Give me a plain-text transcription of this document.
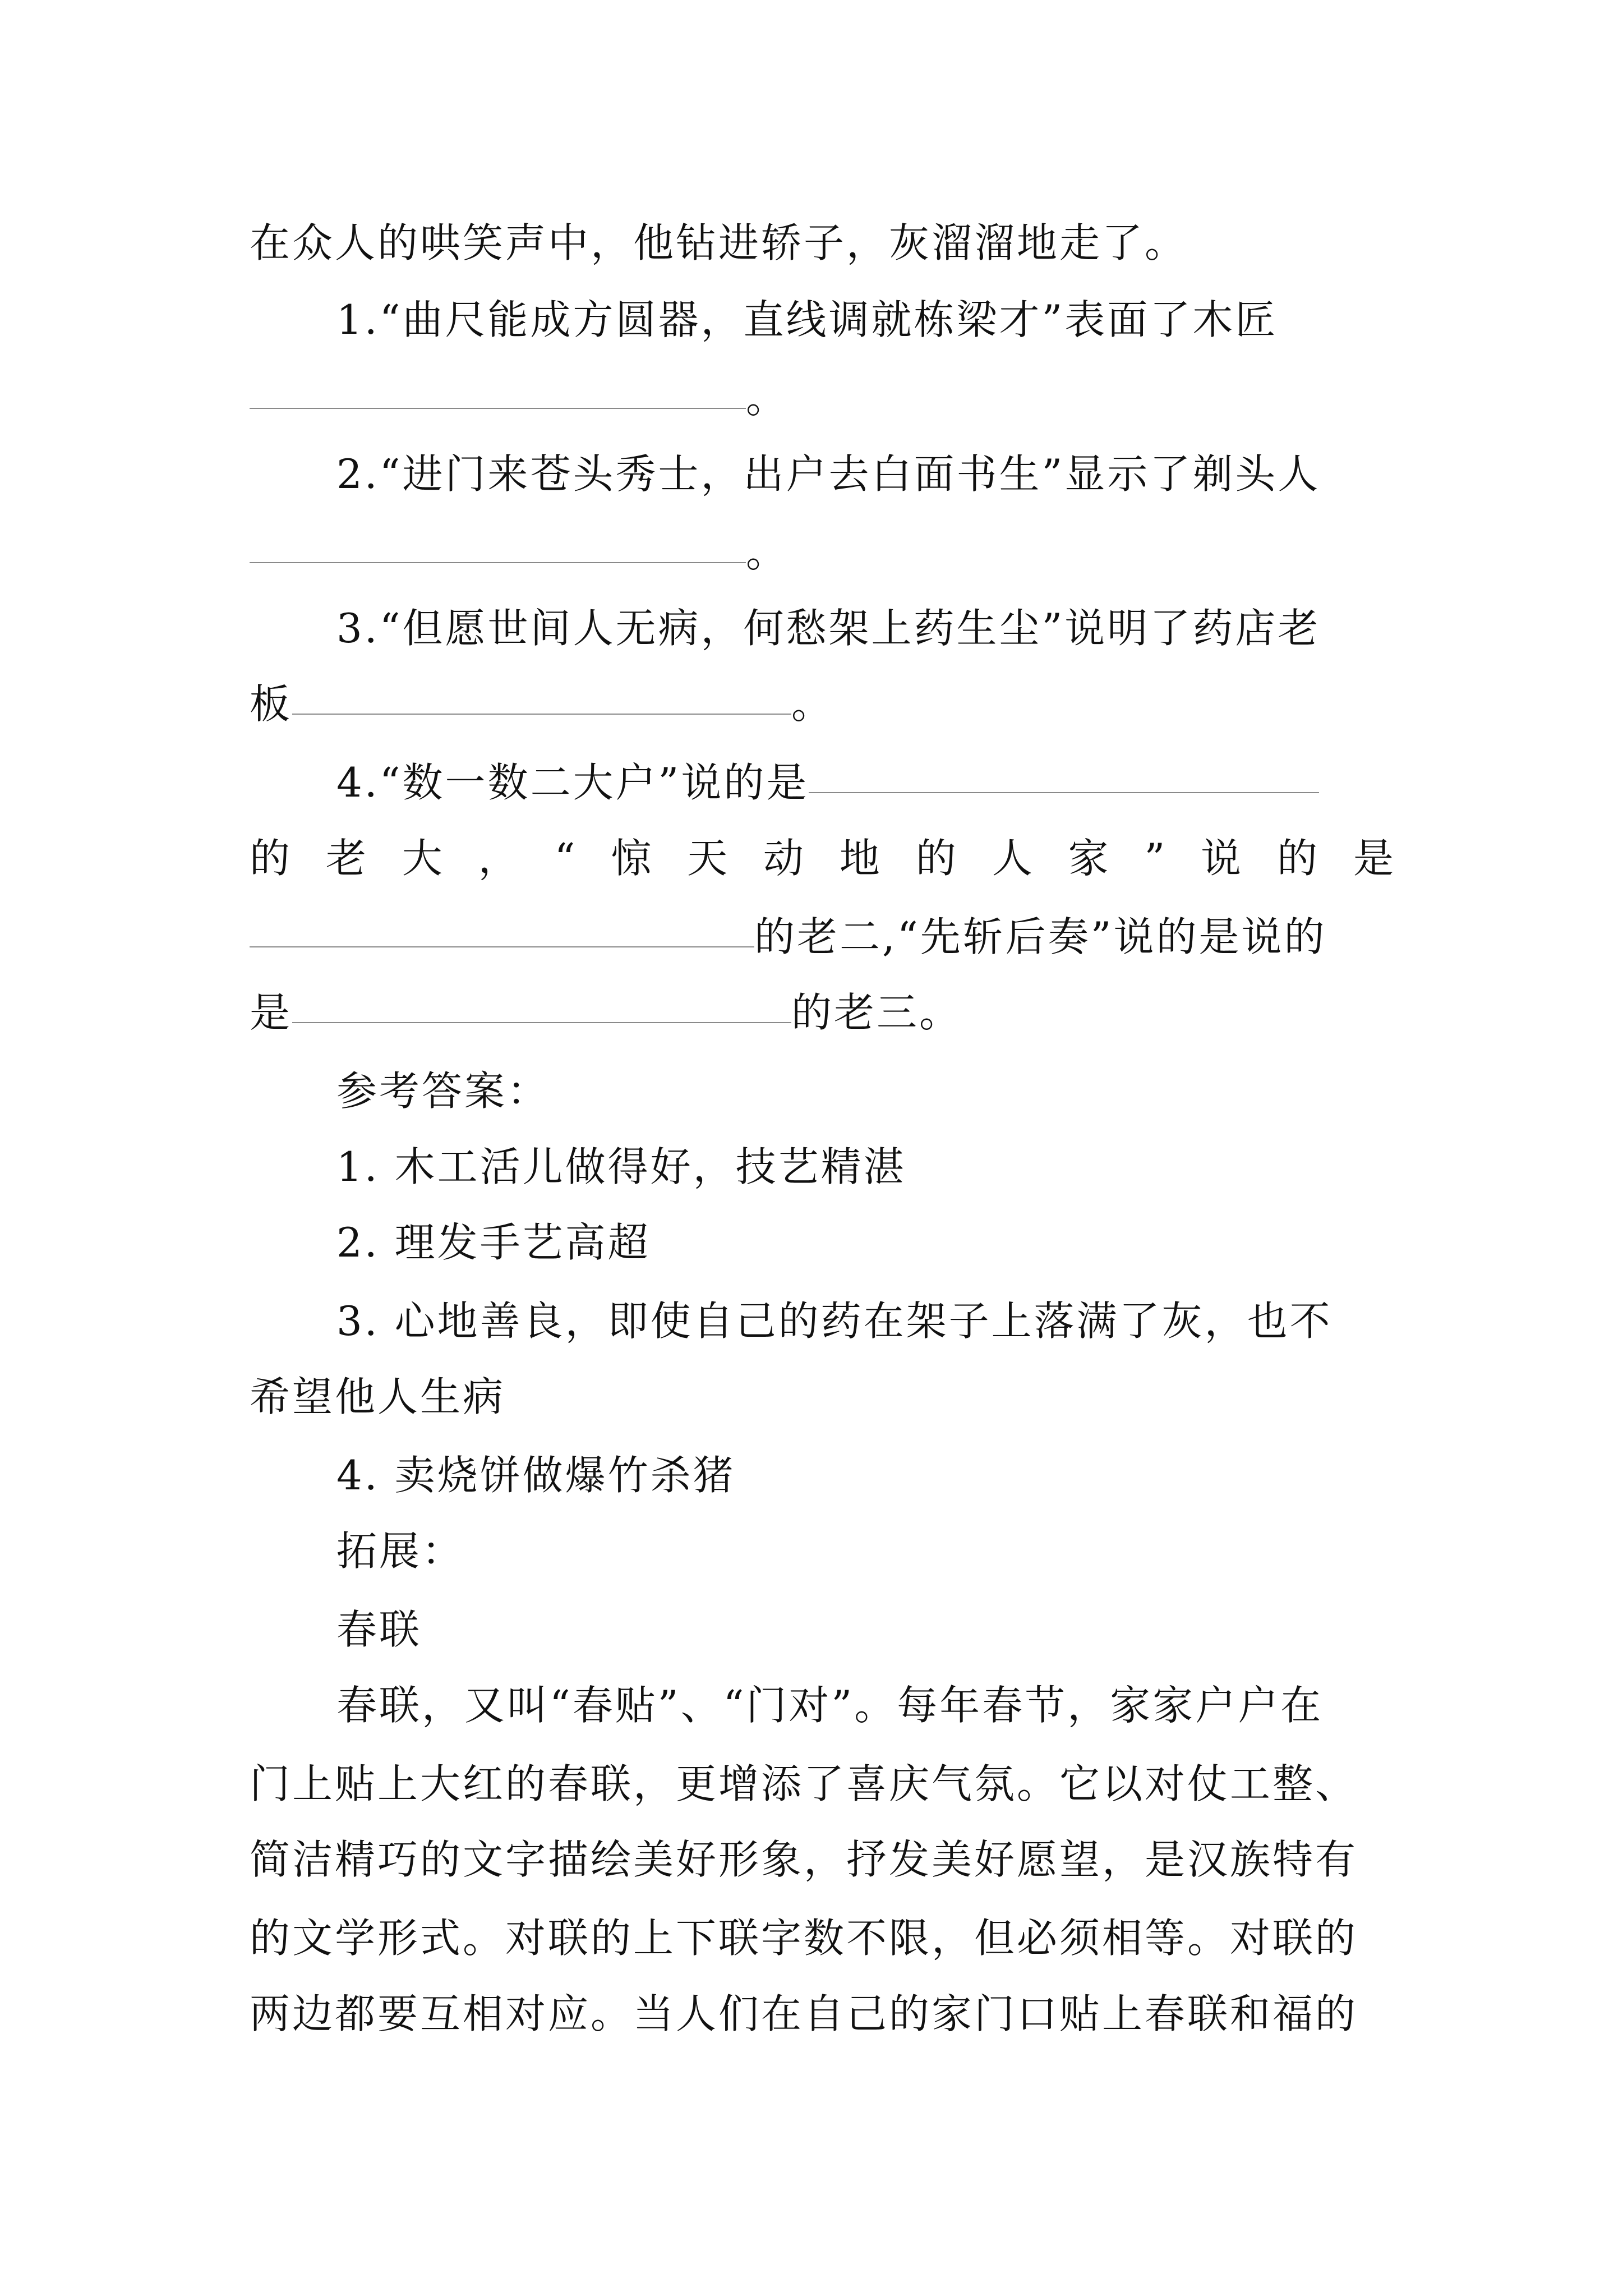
在众人的哄笑声中，他钻进轿子，灰溜溜地走了。
1.“曲尺能成方圆器，直线调就栋梁才”表面了木匠
。
2.“进门来苍头秀士，出户去白面书生”显示了剃头人
。
3.“但愿世间人无病，何愁架上药生尘”说明了药店老
板	。
4.“数一数二大户”说的是
的 老 大 ， “ 惊 天 动 地 的 人 家 ” 说 的 是
的老二,“先斩后奏”说的是说的
是	的老三。
参考答案：
1. 木工活儿做得好，技艺精湛
2. 理发手艺高超
3. 心地善良，即使自己的药在架子上落满了灰，也不
希望他人生病
4. 卖烧饼做爆竹杀猪
拓展：
春联
春联，又叫“春贴”、“门对”。每年春节，家家户户在
门上贴上大红的春联，更增添了喜庆气氛。它以对仗工整、
简洁精巧的文字描绘美好形象，抒发美好愿望，是汉族特有
的文学形式。对联的上下联字数不限，但必须相等。对联的
两边都要互相对应。当人们在自己的家门口贴上春联和福的
